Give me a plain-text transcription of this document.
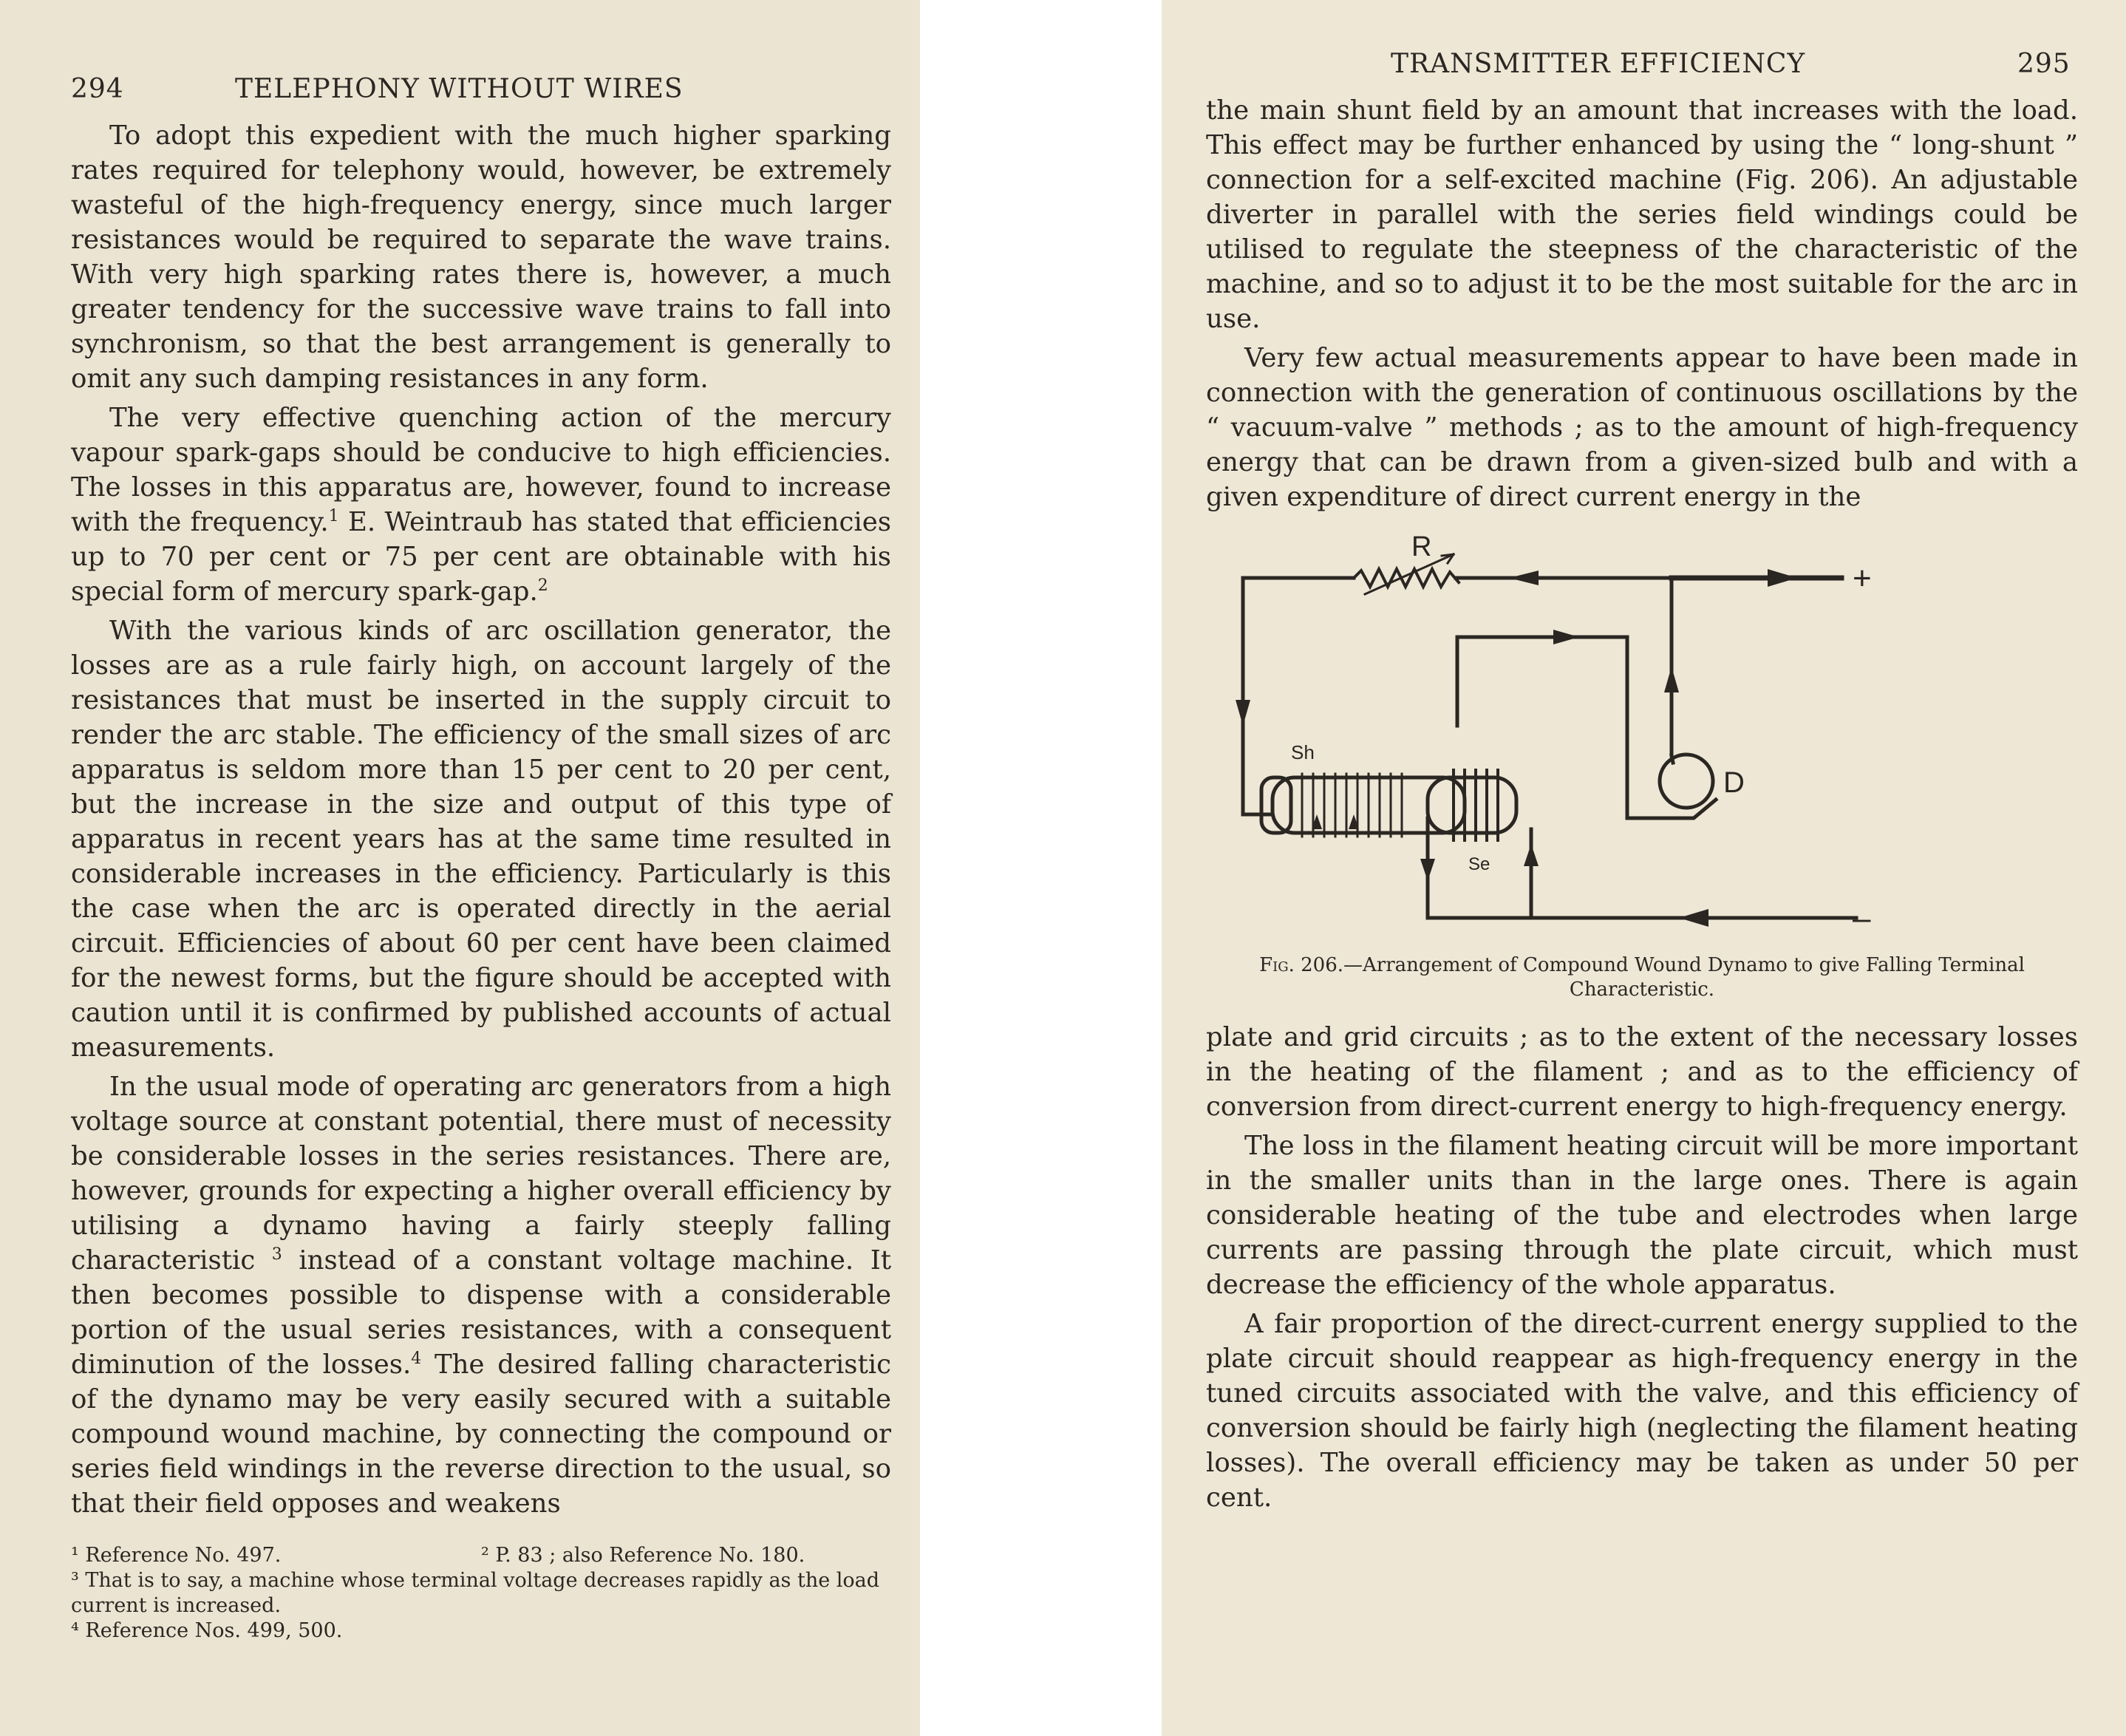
294	TELEPHONY WITHOUT WIRES

To adopt this expedient with the much higher sparking rates required for telephony would, however, be extremely wasteful of the high-frequency energy, since much larger resistances would be required to separate the wave trains. With very high sparking rates there is, however, a much greater tendency for the successive wave trains to fall into synchronism, so that the best arrangement is generally to omit any such damping resistances in any form.

The very effective quenching action of the mercury vapour spark-gaps should be conducive to high efficiencies. The losses in this apparatus are, however, found to increase with the frequency.$^1$ E. Weintraub has stated that efficiencies up to 70 per cent or 75 per cent are obtainable with his special form of mercury spark-gap.$^2$

With the various kinds of arc oscillation generator, the losses are as a rule fairly high, on account largely of the resistances that must be inserted in the supply circuit to render the arc stable. The efficiency of the small sizes of arc apparatus is seldom more than 15 per cent to 20 per cent, but the increase in the size and output of this type of apparatus in recent years has at the same time resulted in considerable increases in the efficiency. Particularly is this the case when the arc is operated directly in the aerial circuit. Efficiencies of about 60 per cent have been claimed for the newest forms, but the figure should be accepted with caution until it is confirmed by published accounts of actual measurements.

In the usual mode of operating arc generators from a high voltage source at constant potential, there must of necessity be considerable losses in the series resistances. There are, however, grounds for expecting a higher overall efficiency by utilising a dynamo having a fairly steeply falling characteristic $^3$ instead of a constant voltage machine. It then becomes possible to dispense with a considerable portion of the usual series resistances, with a consequent diminution of the losses.$^4$ The desired falling characteristic of the dynamo may be very easily secured with a suitable compound wound machine, by connecting the compound or series field windings in the reverse direction to the usual, so that their field opposes and weakens

¹ Reference No. 497.	² P. 83 ; also Reference No. 180.
³ That is to say, a machine whose terminal voltage decreases rapidly as the load current is increased.
⁴ Reference Nos. 499, 500.
TRANSMITTER EFFICIENCY	295

the main shunt field by an amount that increases with the load. This effect may be further enhanced by using the “ long-shunt ” connection for a self-excited machine (Fig. 206). An adjustable diverter in parallel with the series field windings could be utilised to regulate the steepness of the characteristic of the machine, and so to adjust it to be the most suitable for the arc in use.

Very few actual measurements appear to have been made in connection with the generation of continuous oscillations by the “ vacuum-valve ” methods ; as to the amount of high-frequency energy that can be drawn from a given-sized bulb and with a given expenditure of direct current energy in the

R
+
–
Sh
Se
D
Fig. 206.—Arrangement of Compound Wound Dynamo to give Falling Terminal Characteristic.

plate and grid circuits ; as to the extent of the necessary losses in the heating of the filament ; and as to the efficiency of conversion from direct-current energy to high-frequency energy.

The loss in the filament heating circuit will be more important in the smaller units than in the large ones. There is again considerable heating of the tube and electrodes when large currents are passing through the plate circuit, which must decrease the efficiency of the whole apparatus.

A fair proportion of the direct-current energy supplied to the plate circuit should reappear as high-frequency energy in the tuned circuits associated with the valve, and this efficiency of conversion should be fairly high (neglecting the filament heating losses). The overall efficiency may be taken as under 50 per cent.
